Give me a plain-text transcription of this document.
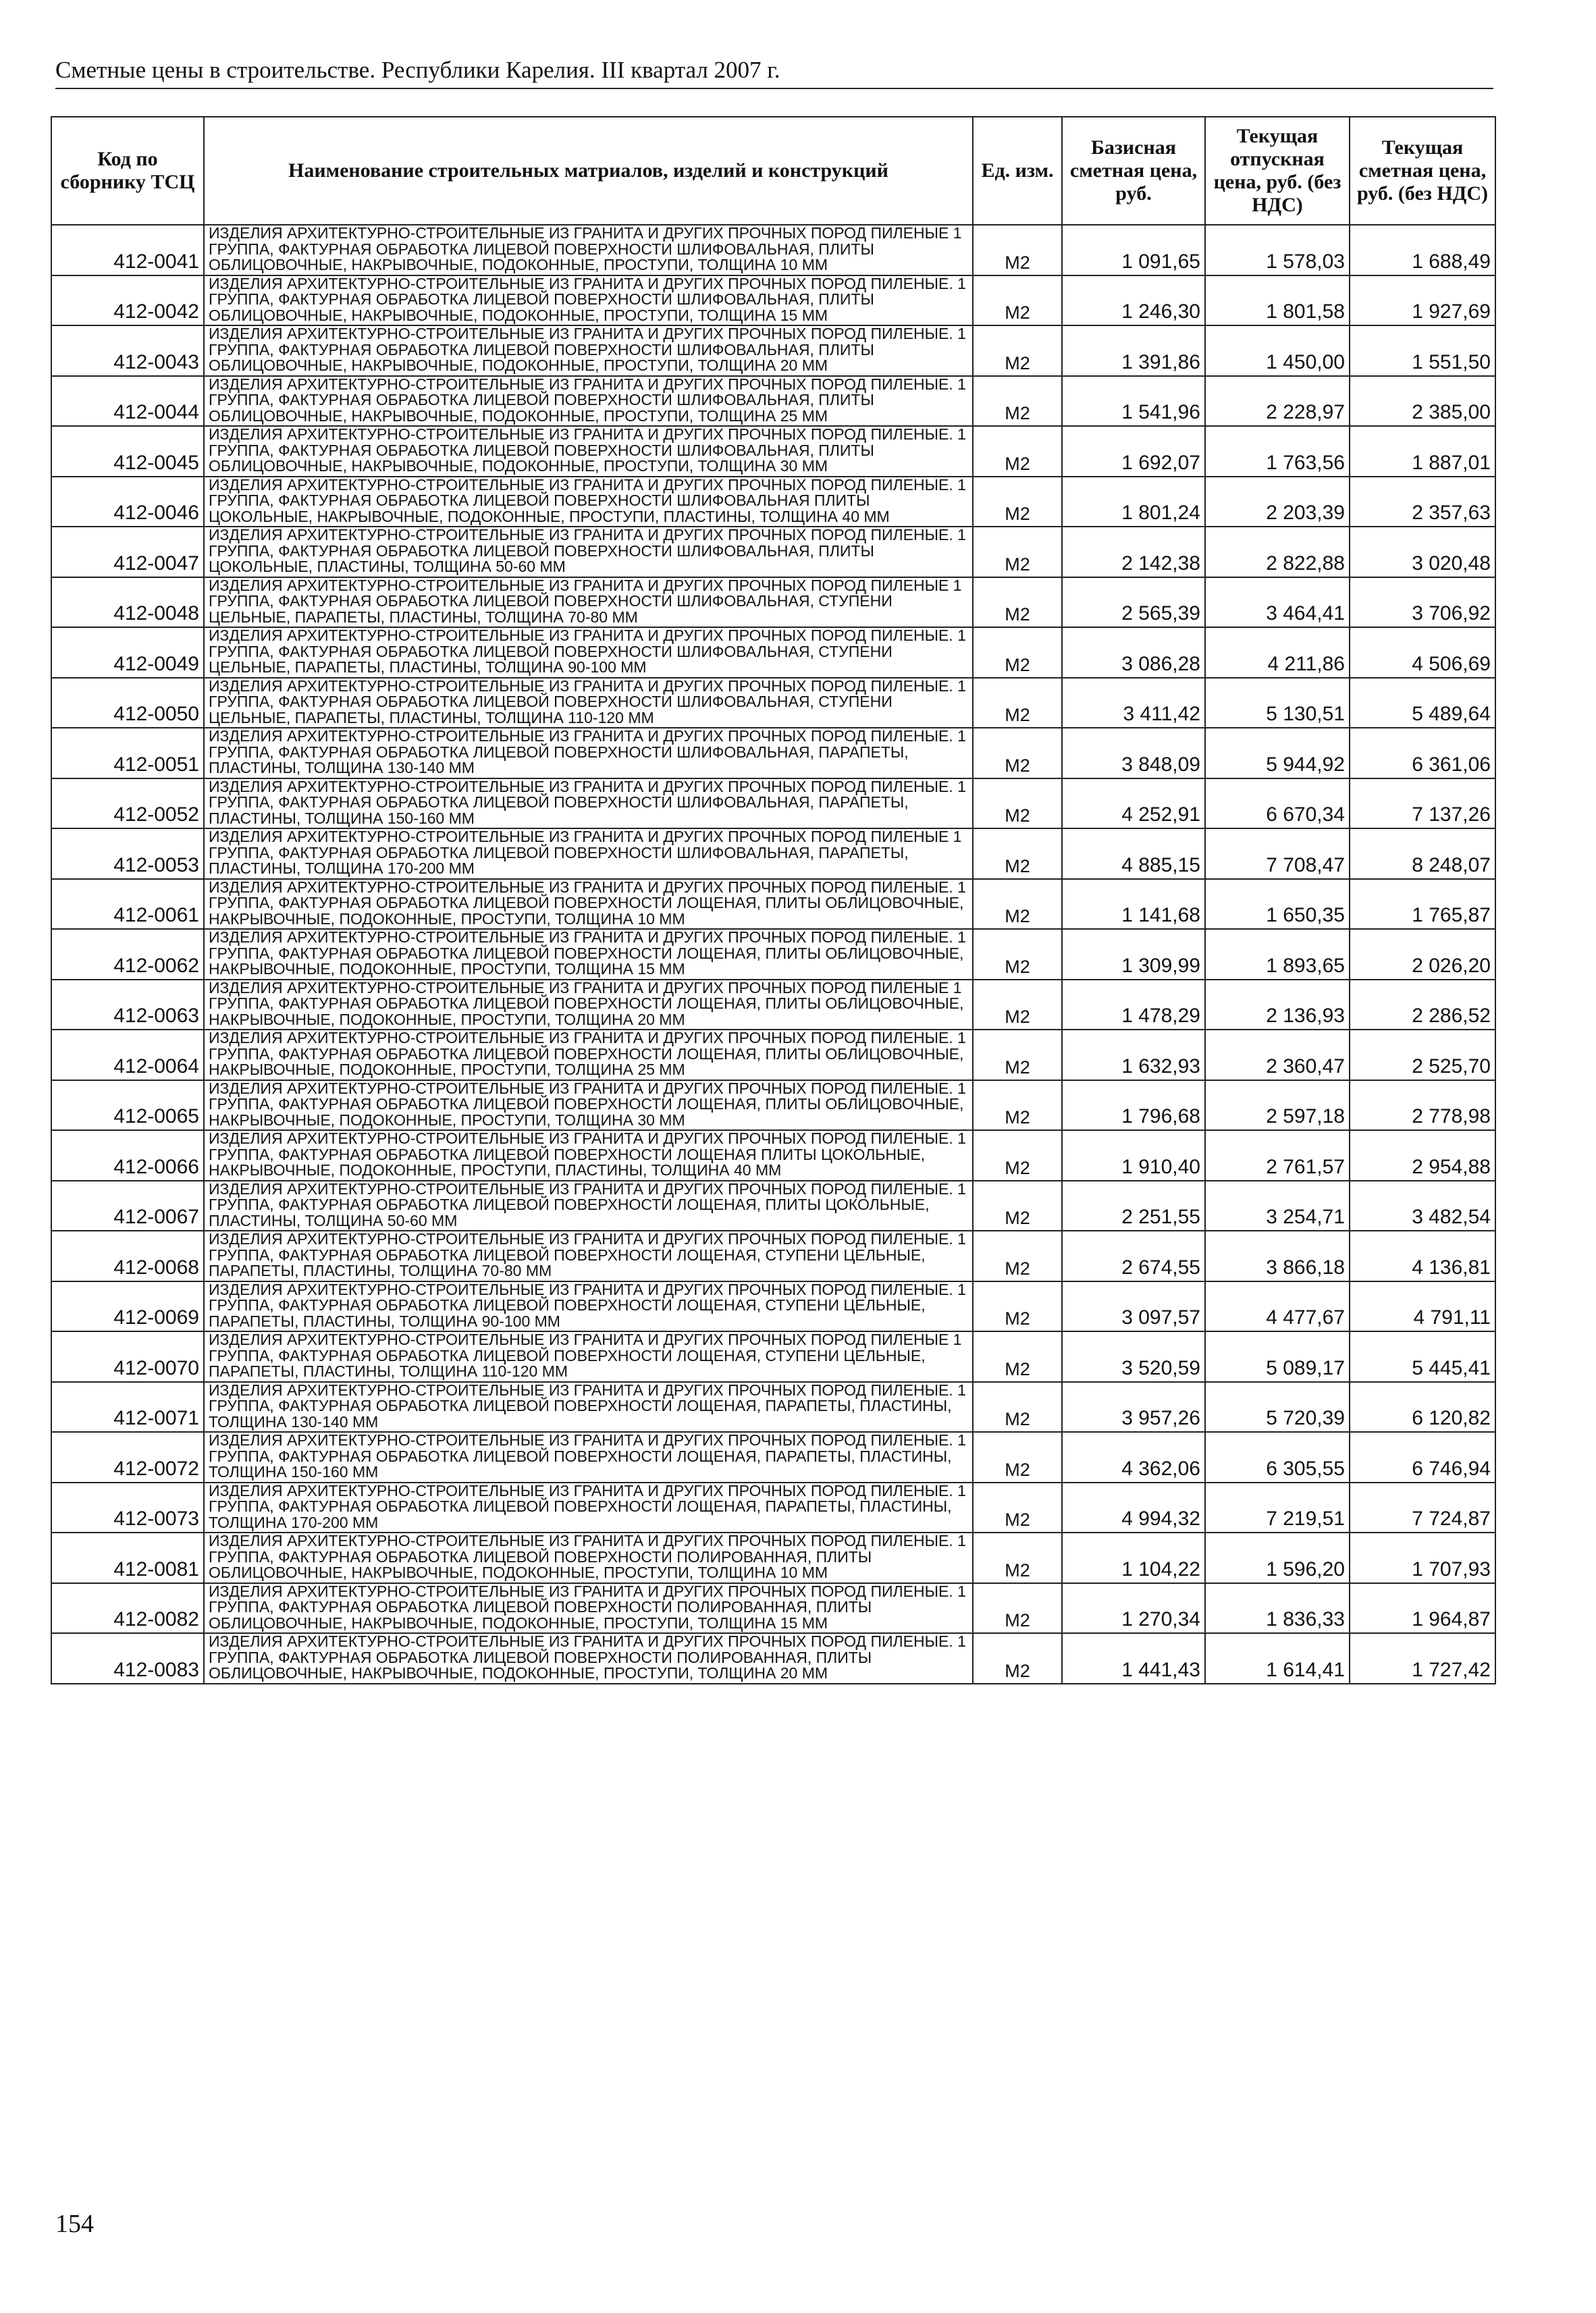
Сметные цены в строительстве. Республики Карелия. III квартал 2007 г.
Код по сборнику ТСЦ	Наименование строительных матриалов, изделий и конструкций	Ед. изм.	Базисная сметная цена, руб.	Текущая отпускная цена, руб. (без НДС)	Текущая сметная цена, руб. (без НДС)
412-0041	ИЗДЕЛИЯ АРХИТЕКТУРНО-СТРОИТЕЛЬНЫЕ ИЗ ГРАНИТА И ДРУГИХ ПРОЧНЫХ ПОРОД ПИЛЕНЫЕ 1 ГРУППА, ФАКТУРНАЯ ОБРАБОТКА ЛИЦЕВОЙ ПОВЕРХНОСТИ ШЛИФОВАЛЬНАЯ, ПЛИТЫ ОБЛИЦОВОЧНЫЕ, НАКРЫВОЧНЫЕ, ПОДОКОННЫЕ, ПРОСТУПИ, ТОЛЩИНА 10 ММ	М2	1 091,65	1 578,03	1 688,49
412-0042	ИЗДЕЛИЯ АРХИТЕКТУРНО-СТРОИТЕЛЬНЫЕ ИЗ ГРАНИТА И ДРУГИХ ПРОЧНЫХ ПОРОД ПИЛЕНЫЕ. 1 ГРУППА, ФАКТУРНАЯ ОБРАБОТКА ЛИЦЕВОЙ ПОВЕРХНОСТИ ШЛИФОВАЛЬНАЯ, ПЛИТЫ ОБЛИЦОВОЧНЫЕ, НАКРЫВОЧНЫЕ, ПОДОКОННЫЕ, ПРОСТУПИ, ТОЛЩИНА 15 ММ	М2	1 246,30	1 801,58	1 927,69
412-0043	ИЗДЕЛИЯ АРХИТЕКТУРНО-СТРОИТЕЛЬНЫЕ ИЗ ГРАНИТА И ДРУГИХ ПРОЧНЫХ ПОРОД ПИЛЕНЫЕ. 1 ГРУППА, ФАКТУРНАЯ ОБРАБОТКА ЛИЦЕВОЙ ПОВЕРХНОСТИ ШЛИФОВАЛЬНАЯ, ПЛИТЫ ОБЛИЦОВОЧНЫЕ, НАКРЫВОЧНЫЕ, ПОДОКОННЫЕ, ПРОСТУПИ, ТОЛЩИНА 20 ММ	М2	1 391,86	1 450,00	1 551,50
412-0044	ИЗДЕЛИЯ АРХИТЕКТУРНО-СТРОИТЕЛЬНЫЕ ИЗ ГРАНИТА И ДРУГИХ ПРОЧНЫХ ПОРОД ПИЛЕНЫЕ. 1 ГРУППА, ФАКТУРНАЯ ОБРАБОТКА ЛИЦЕВОЙ ПОВЕРХНОСТИ ШЛИФОВАЛЬНАЯ, ПЛИТЫ ОБЛИЦОВОЧНЫЕ, НАКРЫВОЧНЫЕ, ПОДОКОННЫЕ, ПРОСТУПИ, ТОЛЩИНА 25 ММ	М2	1 541,96	2 228,97	2 385,00
412-0045	ИЗДЕЛИЯ АРХИТЕКТУРНО-СТРОИТЕЛЬНЫЕ ИЗ ГРАНИТА И ДРУГИХ ПРОЧНЫХ ПОРОД ПИЛЕНЫЕ. 1 ГРУППА, ФАКТУРНАЯ ОБРАБОТКА ЛИЦЕВОЙ ПОВЕРХНОСТИ ШЛИФОВАЛЬНАЯ, ПЛИТЫ ОБЛИЦОВОЧНЫЕ, НАКРЫВОЧНЫЕ, ПОДОКОННЫЕ, ПРОСТУПИ, ТОЛЩИНА 30 ММ	М2	1 692,07	1 763,56	1 887,01
412-0046	ИЗДЕЛИЯ АРХИТЕКТУРНО-СТРОИТЕЛЬНЫЕ ИЗ ГРАНИТА И ДРУГИХ ПРОЧНЫХ ПОРОД ПИЛЕНЫЕ. 1 ГРУППА, ФАКТУРНАЯ ОБРАБОТКА ЛИЦЕВОЙ ПОВЕРХНОСТИ ШЛИФОВАЛЬНАЯ ПЛИТЫ ЦОКОЛЬНЫЕ, НАКРЫВОЧНЫЕ, ПОДОКОННЫЕ, ПРОСТУПИ, ПЛАСТИНЫ, ТОЛЩИНА 40 ММ	М2	1 801,24	2 203,39	2 357,63
412-0047	ИЗДЕЛИЯ АРХИТЕКТУРНО-СТРОИТЕЛЬНЫЕ ИЗ ГРАНИТА И ДРУГИХ ПРОЧНЫХ ПОРОД ПИЛЕНЫЕ. 1 ГРУППА, ФАКТУРНАЯ ОБРАБОТКА ЛИЦЕВОЙ ПОВЕРХНОСТИ ШЛИФОВАЛЬНАЯ, ПЛИТЫ ЦОКОЛЬНЫЕ, ПЛАСТИНЫ, ТОЛЩИНА 50-60 ММ	М2	2 142,38	2 822,88	3 020,48
412-0048	ИЗДЕЛИЯ АРХИТЕКТУРНО-СТРОИТЕЛЬНЫЕ ИЗ ГРАНИТА И ДРУГИХ ПРОЧНЫХ ПОРОД ПИЛЕНЫЕ 1 ГРУППА, ФАКТУРНАЯ ОБРАБОТКА ЛИЦЕВОЙ ПОВЕРХНОСТИ ШЛИФОВАЛЬНАЯ, СТУПЕНИ ЦЕЛЬНЫЕ, ПАРАПЕТЫ, ПЛАСТИНЫ, ТОЛЩИНА 70-80 ММ	М2	2 565,39	3 464,41	3 706,92
412-0049	ИЗДЕЛИЯ АРХИТЕКТУРНО-СТРОИТЕЛЬНЫЕ ИЗ ГРАНИТА И ДРУГИХ ПРОЧНЫХ ПОРОД ПИЛЕНЫЕ. 1 ГРУППА, ФАКТУРНАЯ ОБРАБОТКА ЛИЦЕВОЙ ПОВЕРХНОСТИ ШЛИФОВАЛЬНАЯ, СТУПЕНИ ЦЕЛЬНЫЕ, ПАРАПЕТЫ, ПЛАСТИНЫ, ТОЛЩИНА 90-100 ММ	М2	3 086,28	4 211,86	4 506,69
412-0050	ИЗДЕЛИЯ АРХИТЕКТУРНО-СТРОИТЕЛЬНЫЕ ИЗ ГРАНИТА И ДРУГИХ ПРОЧНЫХ ПОРОД ПИЛЕНЫЕ. 1 ГРУППА, ФАКТУРНАЯ ОБРАБОТКА ЛИЦЕВОЙ ПОВЕРХНОСТИ ШЛИФОВАЛЬНАЯ, СТУПЕНИ ЦЕЛЬНЫЕ, ПАРАПЕТЫ, ПЛАСТИНЫ, ТОЛЩИНА 110-120 ММ	М2	3 411,42	5 130,51	5 489,64
412-0051	ИЗДЕЛИЯ АРХИТЕКТУРНО-СТРОИТЕЛЬНЫЕ ИЗ ГРАНИТА И ДРУГИХ ПРОЧНЫХ ПОРОД ПИЛЕНЫЕ. 1 ГРУППА, ФАКТУРНАЯ ОБРАБОТКА ЛИЦЕВОЙ ПОВЕРХНОСТИ ШЛИФОВАЛЬНАЯ, ПАРАПЕТЫ, ПЛАСТИНЫ, ТОЛЩИНА 130-140 ММ	М2	3 848,09	5 944,92	6 361,06
412-0052	ИЗДЕЛИЯ АРХИТЕКТУРНО-СТРОИТЕЛЬНЫЕ ИЗ ГРАНИТА И ДРУГИХ ПРОЧНЫХ ПОРОД ПИЛЕНЫЕ. 1 ГРУППА, ФАКТУРНАЯ ОБРАБОТКА ЛИЦЕВОЙ ПОВЕРХНОСТИ ШЛИФОВАЛЬНАЯ, ПАРАПЕТЫ, ПЛАСТИНЫ, ТОЛЩИНА 150-160 ММ	М2	4 252,91	6 670,34	7 137,26
412-0053	ИЗДЕЛИЯ АРХИТЕКТУРНО-СТРОИТЕЛЬНЫЕ ИЗ ГРАНИТА И ДРУГИХ ПРОЧНЫХ ПОРОД ПИЛЕНЫЕ 1 ГРУППА, ФАКТУРНАЯ ОБРАБОТКА ЛИЦЕВОЙ ПОВЕРХНОСТИ ШЛИФОВАЛЬНАЯ, ПАРАПЕТЫ, ПЛАСТИНЫ, ТОЛЩИНА 170-200 ММ	М2	4 885,15	7 708,47	8 248,07
412-0061	ИЗДЕЛИЯ АРХИТЕКТУРНО-СТРОИТЕЛЬНЫЕ ИЗ ГРАНИТА И ДРУГИХ ПРОЧНЫХ ПОРОД ПИЛЕНЫЕ. 1 ГРУППА, ФАКТУРНАЯ ОБРАБОТКА ЛИЦЕВОЙ ПОВЕРХНОСТИ ЛОЩЕНАЯ, ПЛИТЫ ОБЛИЦОВОЧНЫЕ, НАКРЫВОЧНЫЕ, ПОДОКОННЫЕ, ПРОСТУПИ, ТОЛЩИНА 10 ММ	М2	1 141,68	1 650,35	1 765,87
412-0062	ИЗДЕЛИЯ АРХИТЕКТУРНО-СТРОИТЕЛЬНЫЕ ИЗ ГРАНИТА И ДРУГИХ ПРОЧНЫХ ПОРОД ПИЛЕНЫЕ. 1 ГРУППА, ФАКТУРНАЯ ОБРАБОТКА ЛИЦЕВОЙ ПОВЕРХНОСТИ ЛОЩЕНАЯ, ПЛИТЫ ОБЛИЦОВОЧНЫЕ, НАКРЫВОЧНЫЕ, ПОДОКОННЫЕ, ПРОСТУПИ, ТОЛЩИНА 15 ММ	М2	1 309,99	1 893,65	2 026,20
412-0063	ИЗДЕЛИЯ АРХИТЕКТУРНО-СТРОИТЕЛЬНЫЕ ИЗ ГРАНИТА И ДРУГИХ ПРОЧНЫХ ПОРОД ПИЛЕНЫЕ 1 ГРУППА, ФАКТУРНАЯ ОБРАБОТКА ЛИЦЕВОЙ ПОВЕРХНОСТИ ЛОЩЕНАЯ, ПЛИТЫ ОБЛИЦОВОЧНЫЕ, НАКРЫВОЧНЫЕ, ПОДОКОННЫЕ, ПРОСТУПИ, ТОЛЩИНА 20 ММ	М2	1 478,29	2 136,93	2 286,52
412-0064	ИЗДЕЛИЯ АРХИТЕКТУРНО-СТРОИТЕЛЬНЫЕ ИЗ ГРАНИТА И ДРУГИХ ПРОЧНЫХ ПОРОД ПИЛЕНЫЕ. 1 ГРУППА, ФАКТУРНАЯ ОБРАБОТКА ЛИЦЕВОЙ ПОВЕРХНОСТИ ЛОЩЕНАЯ, ПЛИТЫ ОБЛИЦОВОЧНЫЕ, НАКРЫВОЧНЫЕ, ПОДОКОННЫЕ, ПРОСТУПИ, ТОЛЩИНА 25 ММ	М2	1 632,93	2 360,47	2 525,70
412-0065	ИЗДЕЛИЯ АРХИТЕКТУРНО-СТРОИТЕЛЬНЫЕ ИЗ ГРАНИТА И ДРУГИХ ПРОЧНЫХ ПОРОД ПИЛЕНЫЕ. 1 ГРУППА, ФАКТУРНАЯ ОБРАБОТКА ЛИЦЕВОЙ ПОВЕРХНОСТИ ЛОЩЕНАЯ, ПЛИТЫ ОБЛИЦОВОЧНЫЕ, НАКРЫВОЧНЫЕ, ПОДОКОННЫЕ, ПРОСТУПИ, ТОЛЩИНА 30 ММ	М2	1 796,68	2 597,18	2 778,98
412-0066	ИЗДЕЛИЯ АРХИТЕКТУРНО-СТРОИТЕЛЬНЫЕ ИЗ ГРАНИТА И ДРУГИХ ПРОЧНЫХ ПОРОД ПИЛЕНЫЕ. 1 ГРУППА, ФАКТУРНАЯ ОБРАБОТКА ЛИЦЕВОЙ ПОВЕРХНОСТИ ЛОЩЕНАЯ ПЛИТЫ ЦОКОЛЬНЫЕ, НАКРЫВОЧНЫЕ, ПОДОКОННЫЕ, ПРОСТУПИ, ПЛАСТИНЫ, ТОЛЩИНА 40 ММ	М2	1 910,40	2 761,57	2 954,88
412-0067	ИЗДЕЛИЯ АРХИТЕКТУРНО-СТРОИТЕЛЬНЫЕ ИЗ ГРАНИТА И ДРУГИХ ПРОЧНЫХ ПОРОД ПИЛЕНЫЕ. 1 ГРУППА, ФАКТУРНАЯ ОБРАБОТКА ЛИЦЕВОЙ ПОВЕРХНОСТИ ЛОЩЕНАЯ, ПЛИТЫ ЦОКОЛЬНЫЕ, ПЛАСТИНЫ, ТОЛЩИНА 50-60 ММ	М2	2 251,55	3 254,71	3 482,54
412-0068	ИЗДЕЛИЯ АРХИТЕКТУРНО-СТРОИТЕЛЬНЫЕ ИЗ ГРАНИТА И ДРУГИХ ПРОЧНЫХ ПОРОД ПИЛЕНЫЕ. 1 ГРУППА, ФАКТУРНАЯ ОБРАБОТКА ЛИЦЕВОЙ ПОВЕРХНОСТИ ЛОЩЕНАЯ, СТУПЕНИ ЦЕЛЬНЫЕ, ПАРАПЕТЫ, ПЛАСТИНЫ, ТОЛЩИНА 70-80 ММ	М2	2 674,55	3 866,18	4 136,81
412-0069	ИЗДЕЛИЯ АРХИТЕКТУРНО-СТРОИТЕЛЬНЫЕ ИЗ ГРАНИТА И ДРУГИХ ПРОЧНЫХ ПОРОД ПИЛЕНЫЕ. 1 ГРУППА, ФАКТУРНАЯ ОБРАБОТКА ЛИЦЕВОЙ ПОВЕРХНОСТИ ЛОЩЕНАЯ, СТУПЕНИ ЦЕЛЬНЫЕ, ПАРАПЕТЫ, ПЛАСТИНЫ, ТОЛЩИНА 90-100 ММ	М2	3 097,57	4 477,67	4 791,11
412-0070	ИЗДЕЛИЯ АРХИТЕКТУРНО-СТРОИТЕЛЬНЫЕ ИЗ ГРАНИТА И ДРУГИХ ПРОЧНЫХ ПОРОД ПИЛЕНЫЕ 1 ГРУППА, ФАКТУРНАЯ ОБРАБОТКА ЛИЦЕВОЙ ПОВЕРХНОСТИ ЛОЩЕНАЯ, СТУПЕНИ ЦЕЛЬНЫЕ, ПАРАПЕТЫ, ПЛАСТИНЫ, ТОЛЩИНА 110-120 ММ	М2	3 520,59	5 089,17	5 445,41
412-0071	ИЗДЕЛИЯ АРХИТЕКТУРНО-СТРОИТЕЛЬНЫЕ ИЗ ГРАНИТА И ДРУГИХ ПРОЧНЫХ ПОРОД ПИЛЕНЫЕ. 1 ГРУППА, ФАКТУРНАЯ ОБРАБОТКА ЛИЦЕВОЙ ПОВЕРХНОСТИ ЛОЩЕНАЯ, ПАРАПЕТЫ, ПЛАСТИНЫ, ТОЛЩИНА 130-140 ММ	М2	3 957,26	5 720,39	6 120,82
412-0072	ИЗДЕЛИЯ АРХИТЕКТУРНО-СТРОИТЕЛЬНЫЕ ИЗ ГРАНИТА И ДРУГИХ ПРОЧНЫХ ПОРОД ПИЛЕНЫЕ. 1 ГРУППА, ФАКТУРНАЯ ОБРАБОТКА ЛИЦЕВОЙ ПОВЕРХНОСТИ ЛОЩЕНАЯ, ПАРАПЕТЫ, ПЛАСТИНЫ, ТОЛЩИНА 150-160 ММ	М2	4 362,06	6 305,55	6 746,94
412-0073	ИЗДЕЛИЯ АРХИТЕКТУРНО-СТРОИТЕЛЬНЫЕ ИЗ ГРАНИТА И ДРУГИХ ПРОЧНЫХ ПОРОД ПИЛЕНЫЕ. 1 ГРУППА, ФАКТУРНАЯ ОБРАБОТКА ЛИЦЕВОЙ ПОВЕРХНОСТИ ЛОЩЕНАЯ, ПАРАПЕТЫ, ПЛАСТИНЫ, ТОЛЩИНА 170-200 ММ	М2	4 994,32	7 219,51	7 724,87
412-0081	ИЗДЕЛИЯ АРХИТЕКТУРНО-СТРОИТЕЛЬНЫЕ ИЗ ГРАНИТА И ДРУГИХ ПРОЧНЫХ ПОРОД ПИЛЕНЫЕ. 1 ГРУППА, ФАКТУРНАЯ ОБРАБОТКА ЛИЦЕВОЙ ПОВЕРХНОСТИ ПОЛИРОВАННАЯ, ПЛИТЫ ОБЛИЦОВОЧНЫЕ, НАКРЫВОЧНЫЕ, ПОДОКОННЫЕ, ПРОСТУПИ, ТОЛЩИНА 10 ММ	М2	1 104,22	1 596,20	1 707,93
412-0082	ИЗДЕЛИЯ АРХИТЕКТУРНО-СТРОИТЕЛЬНЫЕ ИЗ ГРАНИТА И ДРУГИХ ПРОЧНЫХ ПОРОД ПИЛЕНЫЕ. 1 ГРУППА, ФАКТУРНАЯ ОБРАБОТКА ЛИЦЕВОЙ ПОВЕРХНОСТИ ПОЛИРОВАННАЯ, ПЛИТЫ ОБЛИЦОВОЧНЫЕ, НАКРЫВОЧНЫЕ, ПОДОКОННЫЕ, ПРОСТУПИ, ТОЛЩИНА 15 ММ	М2	1 270,34	1 836,33	1 964,87
412-0083	ИЗДЕЛИЯ АРХИТЕКТУРНО-СТРОИТЕЛЬНЫЕ ИЗ ГРАНИТА И ДРУГИХ ПРОЧНЫХ ПОРОД ПИЛЕНЫЕ. 1 ГРУППА, ФАКТУРНАЯ ОБРАБОТКА ЛИЦЕВОЙ ПОВЕРХНОСТИ ПОЛИРОВАННАЯ, ПЛИТЫ ОБЛИЦОВОЧНЫЕ, НАКРЫВОЧНЫЕ, ПОДОКОННЫЕ, ПРОСТУПИ, ТОЛЩИНА 20 ММ	М2	1 441,43	1 614,41	1 727,42
154
